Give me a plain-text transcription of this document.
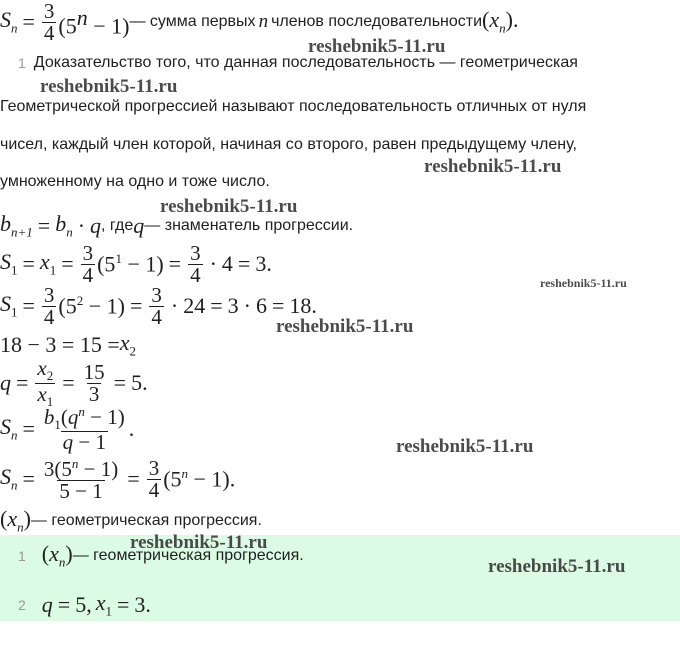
$S_n = \frac{3}{4} (5^n - 1)$ — сумма первых n членов последовательности $(x_n)$.
1 Доказательство того, что данная последовательность — геометрическая
Геометрической прогрессией называют последовательность отличных от нуля
чисел, каждый член которой, начиная со второго, равен предыдущему члену,
умноженному на одно и тоже число.
$b_{n+1} = b_n \cdot q$ , где q — знаменатель прогрессии.
$S_1 = x_1 = \frac{3}{4} (5^1 - 1) = \frac{3}{4} \cdot 4 = 3$.
$S_1 = \frac{3}{4} (5^2 - 1) = \frac{3}{4} \cdot 24 = 3 \cdot 6 = 18$.
$18 - 3 = 15 = x_2$
$q = \frac{x_2}{x_1} = \frac{15}{3} = 5$.
$S_n = \frac{b_1(q^n - 1)}{q - 1}$ .
$S_n = \frac{3(5^n - 1)}{5 - 1} = \frac{3}{4} (5^n - 1)$.
$(x_n)$ — геометрическая прогрессия.
1 $(x_n)$ — геометрическая прогрессия.
2 q = 5, $x_1 = 3$.
reshebnik5-11.ru
reshebnik5-11.ru
reshebnik5-11.ru
reshebnik5-11.ru
reshebnik5-11.ru
reshebnik5-11.ru
reshebnik5-11.ru
reshebnik5-11.ru
reshebnik5-11.ru
